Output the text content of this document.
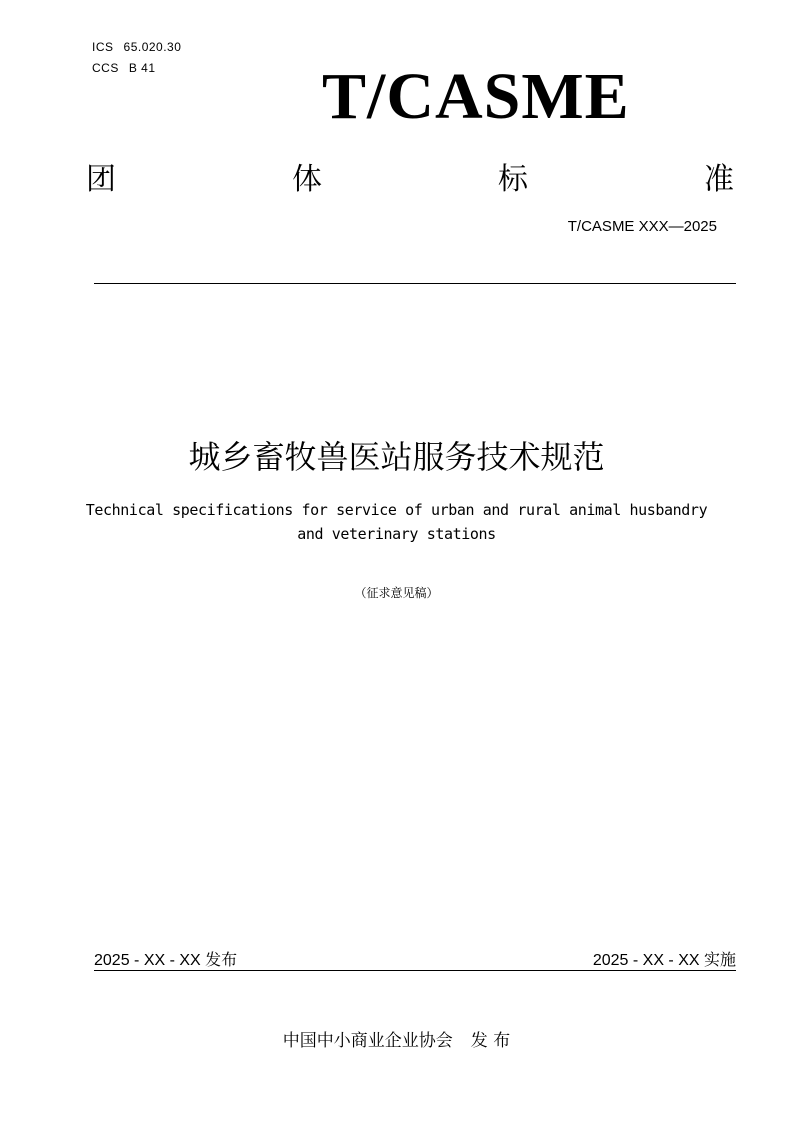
ICS 65.020.30
CCS B 41	T/CASME
团	体	标	准
T/CASME XXX—2025
城乡畜牧兽医站服务技术规范
Technical specifications for service of urban and rural animal husbandry
and veterinary stations
（征求意见稿）
2025 - XX - XX 发布	2025 - XX - XX 实施
中国中小商业企业协会 发 布
